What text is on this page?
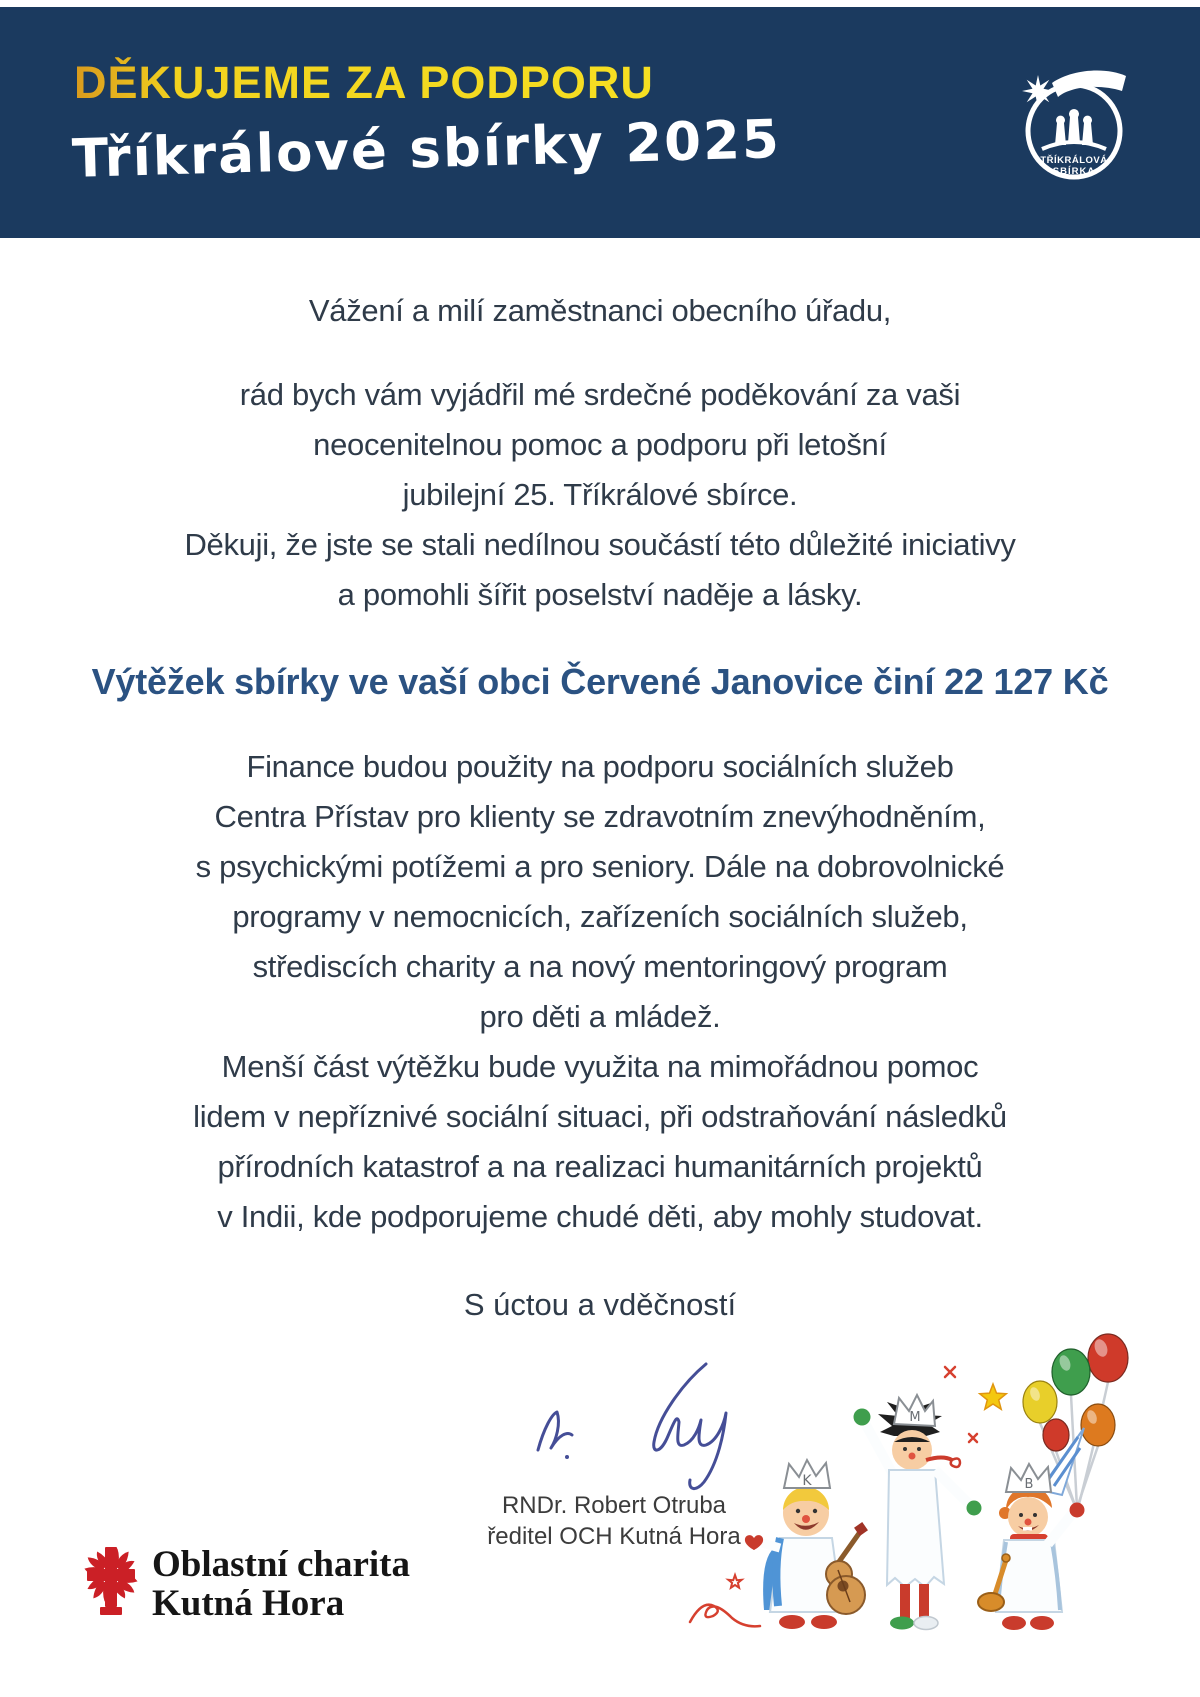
DĚKUJEME ZA PODPORU
Tříkrálové sbírky 2025	TŘÍKRÁLOVÁ
SBÍRKA
Vážení a milí zaměstnanci obecního úřadu,
rád bych vám vyjádřil mé srdečné poděkování za vaši
neocenitelnou pomoc a podporu při letošní
jubilejní 25. Tříkrálové sbírce.
Děkuji, že jste se stali nedílnou součástí této důležité iniciativy
a pomohli šířit poselství naděje a lásky.
Výtěžek sbírky ve vaší obci Červené Janovice činí 22 127 Kč
Finance budou použity na podporu sociálních služeb
Centra Přístav pro klienty se zdravotním znevýhodněním,
s psychickými potížemi a pro seniory. Dále na dobrovolnické
programy v nemocnicích, zařízeních sociálních služeb,
střediscích charity a na nový mentoringový program
pro děti a mládež.
Menší část výtěžku bude využita na mimořádnou pomoc
lidem v nepříznivé sociální situaci, při odstraňování následků
přírodních katastrof a na realizaci humanitárních projektů
v Indii, kde podporujeme chudé děti, aby mohly studovat.
S úctou a vděčností
RNDr. Robert Otruba
ředitel OCH Kutná Hora
Oblastní charita
Kutná Hora
K
M
B
